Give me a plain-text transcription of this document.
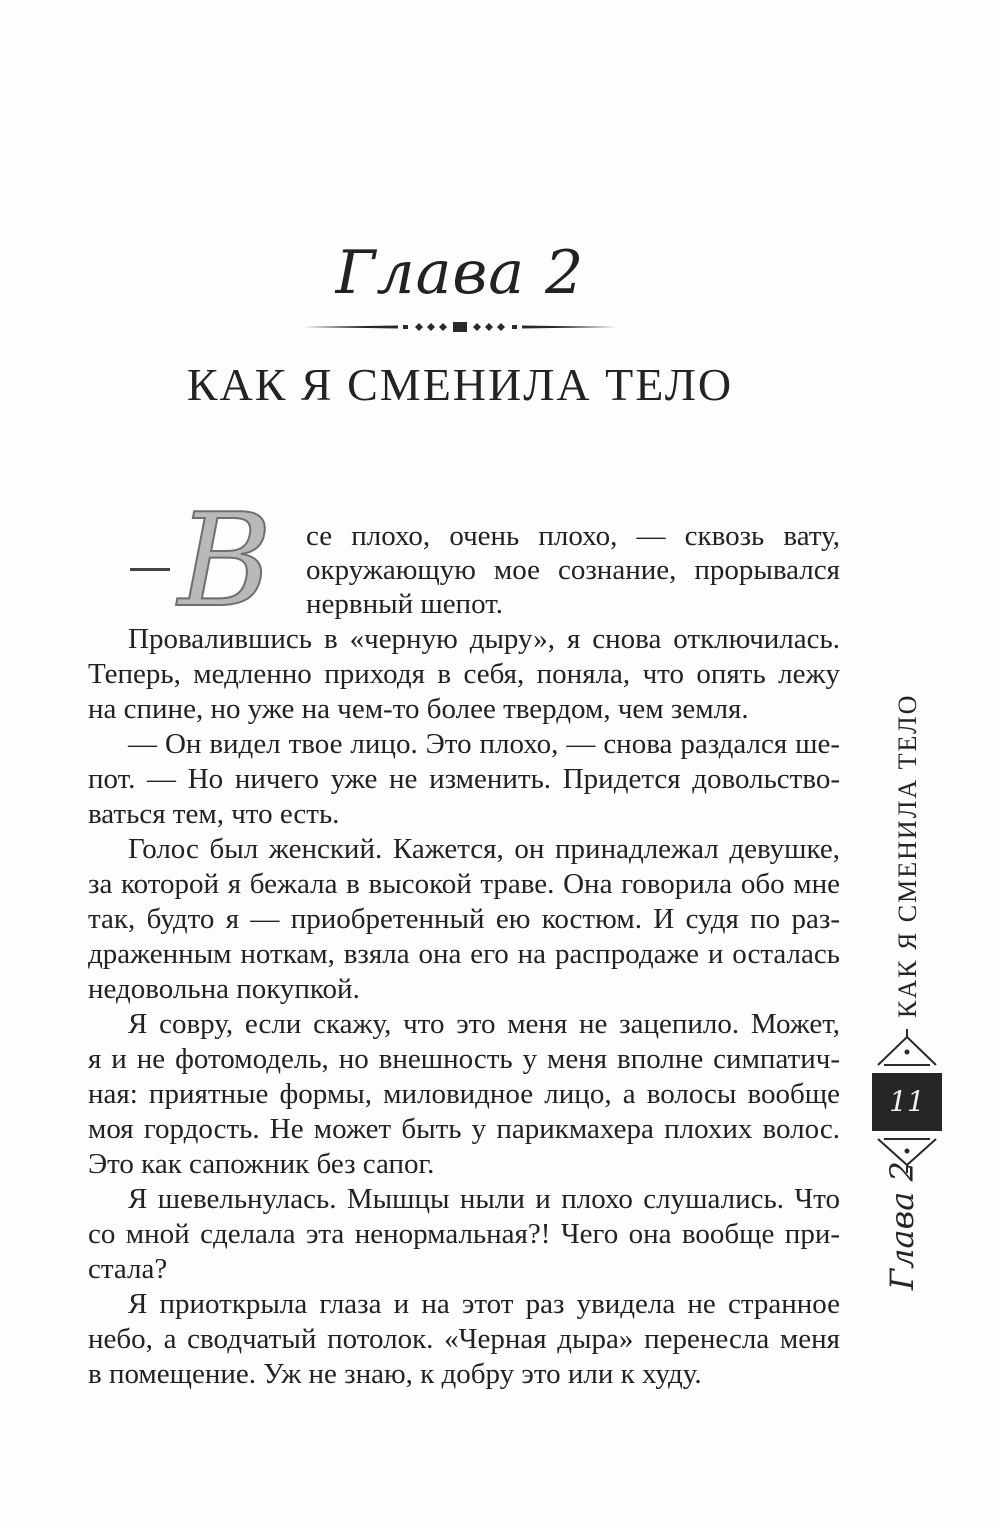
Глава 2
КАК Я СМЕНИЛА ТЕЛО
В се плохо, очень плохо, — сквозь вату,
окружающую мое сознание, прорывался
нервный шепот.
Провалившись в «черную дыру», я снова отключилась.
Теперь, медленно приходя в себя, поняла, что опять лежу
на спине, но уже на чем-то более твердом, чем земля.
— Он видел твое лицо. Это плохо, — снова раздался ше-
пот. — Но ничего уже не изменить. Придется довольство-
ваться тем, что есть.
Голос был женский. Кажется, он принадлежал девушке,
за которой я бежала в высокой траве. Она говорила обо мне
так, будто я — приобретенный ею костюм. И судя по раз-
драженным ноткам, взяла она его на распродаже и осталась
недовольна покупкой.
Я совру, если скажу, что это меня не зацепило. Может,
я и не фотомодель, но внешность у меня вполне симпатич-
ная: приятные формы, миловидное лицо, а волосы вообще
моя гордость. Не может быть у парикмахера плохих волос.
Это как сапожник без сапог.
Я шевельнулась. Мышцы ныли и плохо слушались. Что
со мной сделала эта ненормальная?! Чего она вообще при-
стала?
Я приоткрыла глаза и на этот раз увидела не странное
небо, а сводчатый потолок. «Черная дыра» перенесла меня
в помещение. Уж не знаю, к добру это или к худу.
КАК Я СМЕНИЛА ТЕЛО
11
Глава 2
